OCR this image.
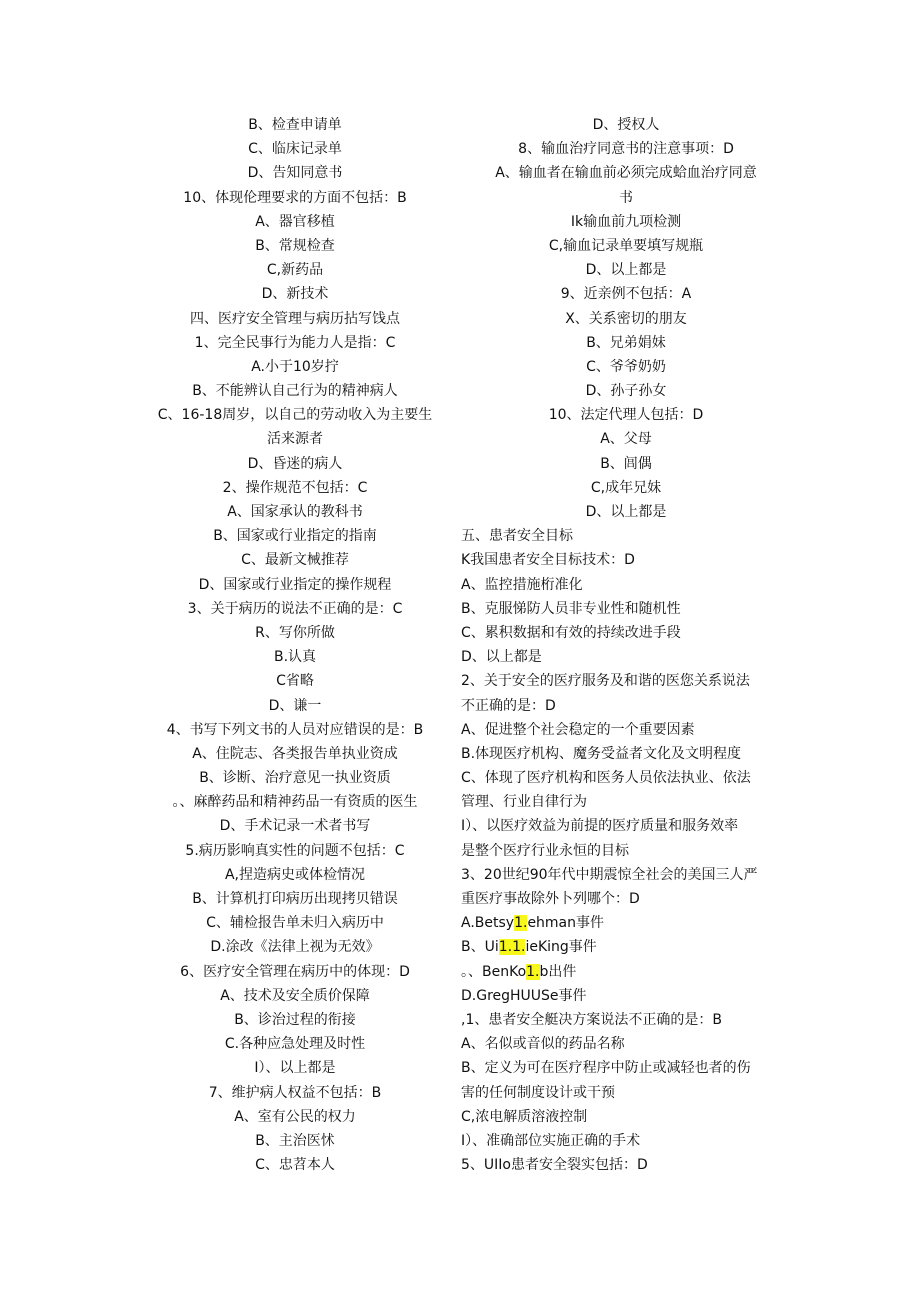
B、检查申请单
C、临床记录单
D、告知同意书
10、体现伦理要求的方面不包括：B
A、器官移植
B、常规检查
C,新药品
D、新技术
四、医疗安全管理与病历拈写饯点
1、完全民事行为能力人是指：C
A.小于10岁拧
B、不能辨认自己行为的精神病人
C、16-18周岁，以自己的劳动收入为主要生
活来源者
D、昏迷的病人
2、操作规范不包括：C
A、国家承认的教科书
B、国家或行业指定的指南
C、最新文械推荐
D、国家或行业指定的操作规程
3、关于病历的说法不正确的是：C
R、写你所做
B.认真
C省略
D、谦一
4、书写下列文书的人员对应错误的是：B
A、住院志、各类报告单执业资成
B、诊断、治疗意见一执业资质
。、麻醉药品和精神药品一有资质的医生
D、手术记录一术者书写
5.病历影响真实性的问题不包括：C
A,捏造病史或体检情况
B、计算机打印病历出现拷贝错误
C、辅检报告单未归入病历中
D.涂改《法律上视为无效》
6、医疗安全管理在病历中的体现：D
A、技术及安全质价保障
B、诊治过程的衔接
C.各种应急处理及时性
I）、以上都是
7、维护病人权益不包括：B
A、室有公民的权力
B、主治医怵
C、忠苕本人
D、授权人
8、输血治疗同意书的注意事项：D
A、输血者在输血前必须完成蛤血治疗同意
书
Ik输血前九项检测
C,输血记录单要填写规瓶
D、以上都是
9、近亲例不包括：A
X、关系密切的朋友
B、兄弟娟妹
C、爷爷奶奶
D、孙子孙女
10、法定代理人包括：D
A、父母
B、闾偶
C,成年兄妹
D、以上都是
五、患者安全目标
K我国患者安全目标技术：D
A、监控措施桁准化
B、克服悌防人员非专业性和随机性
C、累积数据和有效的持续改进手段
D、以上都是
2、关于安全的医疗服务及和谐的医您关系说法
不正确的是：D
A、促进整个社会稳定的一个重要因素
B.体现医疗机构、魔务受益者文化及文明程度
C、体现了医疗机构和医务人员依法执业、依法
管理、行业自律行为
I）、以医疗效益为前提的医疗质量和服务效率
是整个医疗行业永恒的目标
3、20世纪90年代中期震惊全社会的美国三人严
重医疗事故除外卜列哪个：D
A.Betsy1.ehman事件
B、Ui1.1.ieKing事件
。、BenKo1.b出件
D.GregHUUSe事件
,1、患者安全艇决方案说法不正确的是：B
A、名似或音似的药品名称
B、定义为可在医疗程序中防止或减轻也者的伤
害的任何制度设计或干预
C,浓电解质溶液控制
I）、准确部位实施正确的手术
5、UIIo患者安全裂实包括：D
